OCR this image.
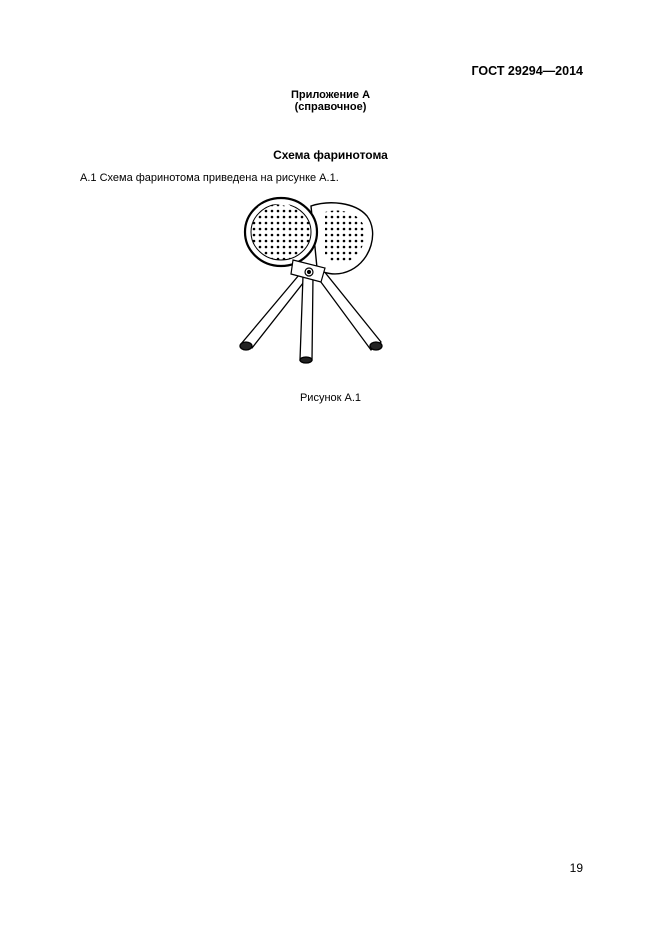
ГОСТ 29294—2014
Приложение А
(справочное)
Схема фаринотома
А.1 Схема фаринотома приведена на рисунке А.1.
Рисунок А.1
19
